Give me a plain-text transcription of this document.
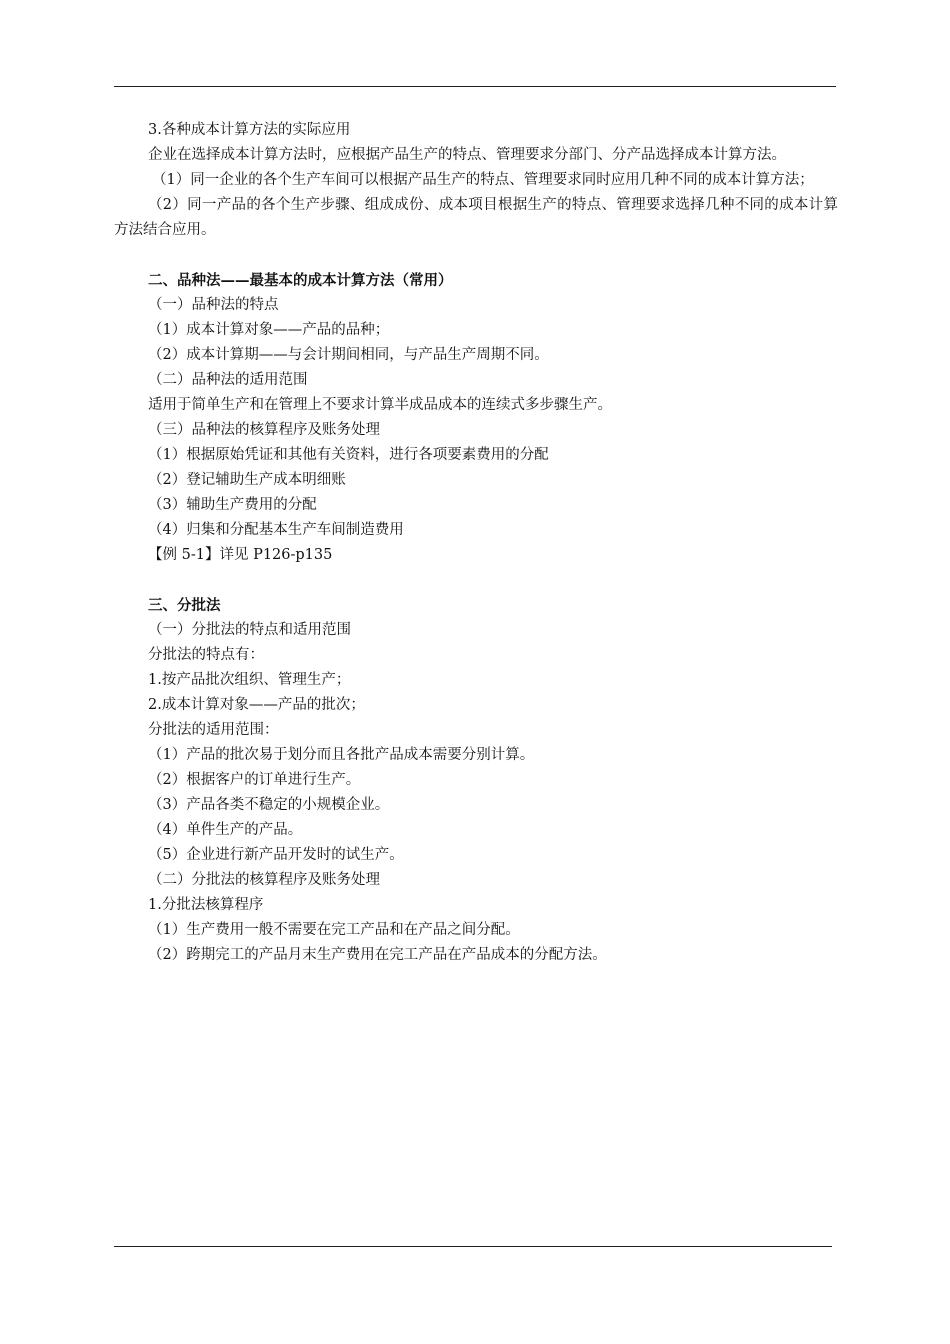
3.各种成本计算方法的实际应用
企业在选择成本计算方法时，应根据产品生产的特点、管理要求分部门、分产品选择成本计算方法。
（1）同一企业的各个生产车间可以根据产品生产的特点、管理要求同时应用几种不同的成本计算方法；
（2）同一产品的各个生产步骤、组成成份、成本项目根据生产的特点、管理要求选择几种不同的成本计算方法结合应用。
二、品种法——最基本的成本计算方法（常用）
（一）品种法的特点
（1）成本计算对象——产品的品种；
（2）成本计算期——与会计期间相同，与产品生产周期不同。
（二）品种法的适用范围
适用于简单生产和在管理上不要求计算半成品成本的连续式多步骤生产。
（三）品种法的核算程序及账务处理
（1）根据原始凭证和其他有关资料，进行各项要素费用的分配
（2）登记辅助生产成本明细账
（3）辅助生产费用的分配
（4）归集和分配基本生产车间制造费用
【例 5-1】详见 P126-p135
三、分批法
（一）分批法的特点和适用范围
分批法的特点有：
1.按产品批次组织、管理生产；
2.成本计算对象——产品的批次；
分批法的适用范围：
（1）产品的批次易于划分而且各批产品成本需要分别计算。
（2）根据客户的订单进行生产。
（3）产品各类不稳定的小规模企业。
（4）单件生产的产品。
（5）企业进行新产品开发时的试生产。
（二）分批法的核算程序及账务处理
1.分批法核算程序
（1）生产费用一般不需要在完工产品和在产品之间分配。
（2）跨期完工的产品月末生产费用在完工产品在产品成本的分配方法。
